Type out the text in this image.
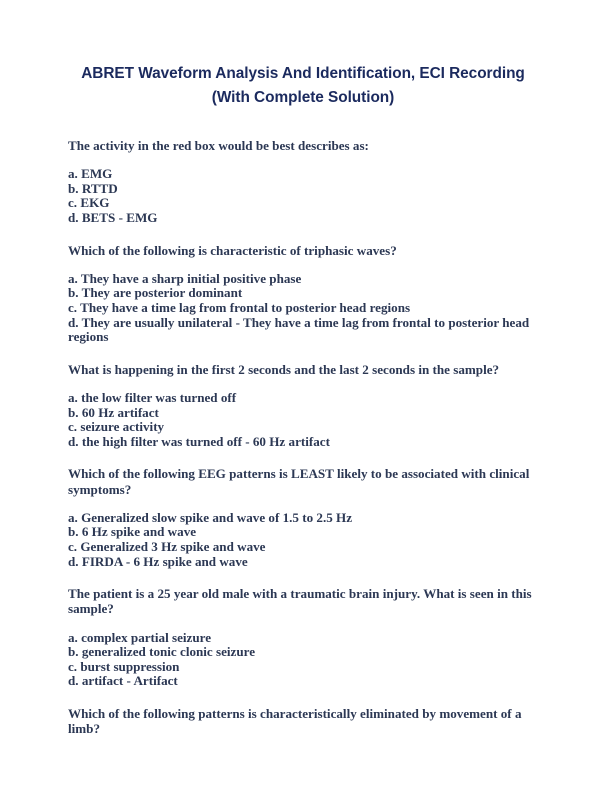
ABRET Waveform Analysis And Identification, ECI Recording (With Complete Solution)

The activity in the red box would be best describes as:

a. EMG
b. RTTD
c. EKG
d. BETS - EMG

Which of the following is characteristic of triphasic waves?

a. They have a sharp initial positive phase
b. They are posterior dominant
c. They have a time lag from frontal to posterior head regions
d. They are usually unilateral - They have a time lag from frontal to posterior head regions

What is happening in the first 2 seconds and the last 2 seconds in the sample?

a. the low filter was turned off
b. 60 Hz artifact
c. seizure activity
d. the high filter was turned off - 60 Hz artifact

Which of the following EEG patterns is LEAST likely to be associated with clinical symptoms?

a. Generalized slow spike and wave of 1.5 to 2.5 Hz
b. 6 Hz spike and wave
c. Generalized 3 Hz spike and wave
d. FIRDA - 6 Hz spike and wave

The patient is a 25 year old male with a traumatic brain injury. What is seen in this sample?

a. complex partial seizure
b. generalized tonic clonic seizure
c. burst suppression
d. artifact - Artifact

Which of the following patterns is characteristically eliminated by movement of a limb?
